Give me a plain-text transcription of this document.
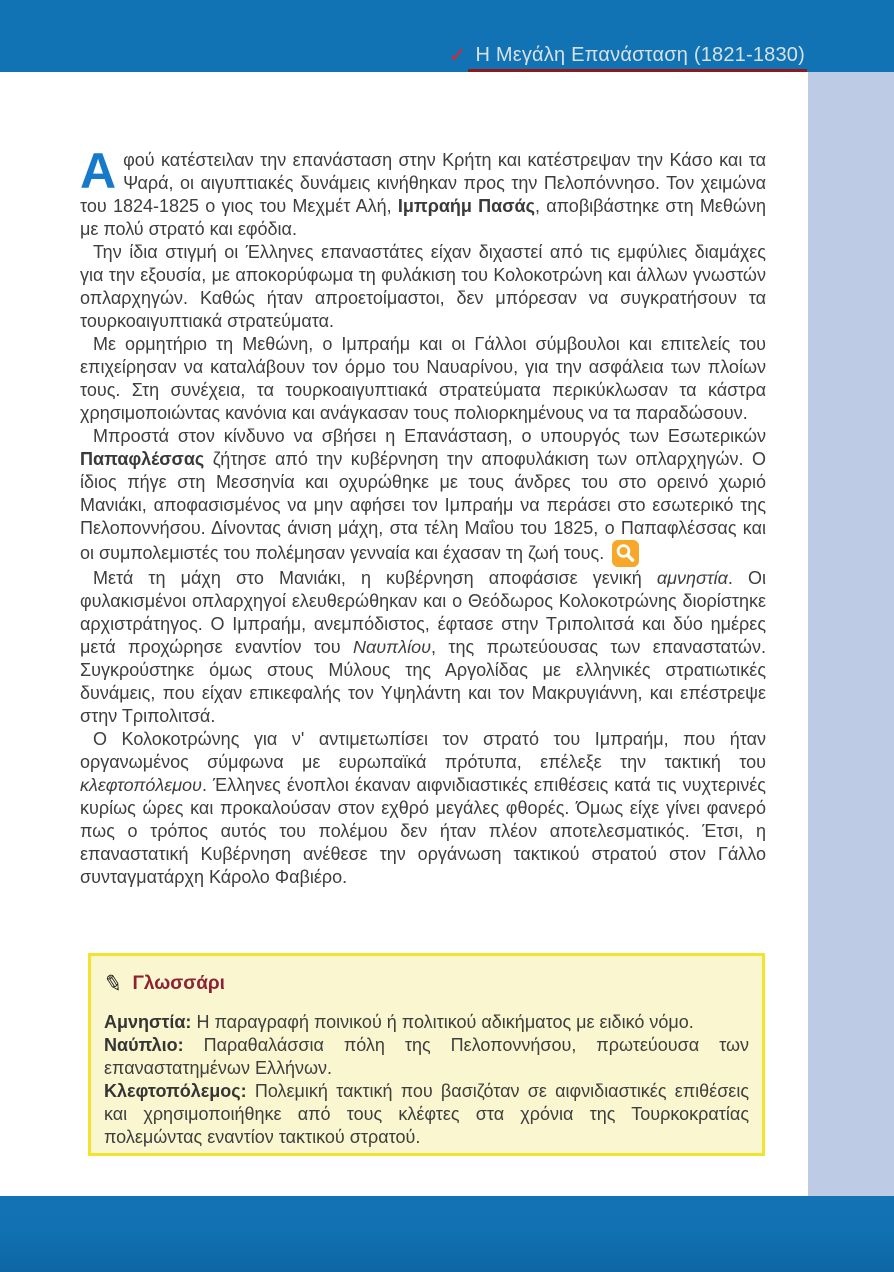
✓ Η Μεγάλη Επανάσταση (1821-1830)

Αφού κατέστειλαν την επανάσταση στην Κρήτη και κατέστρεψαν την Κάσο και τα Ψαρά, οι αιγυπτιακές δυνάμεις κινήθηκαν προς την Πελοπόννησο. Τον χειμώνα του 1824-1825 ο γιος του Μεχμέτ Αλή, Ιμπραήμ Πασάς, αποβιβάστηκε στη Μεθώνη με πολύ στρατό και εφόδια.

Την ίδια στιγμή οι Έλληνες επαναστάτες είχαν διχαστεί από τις εμφύλιες διαμάχες για την εξουσία, με αποκορύφωμα τη φυλάκιση του Κολοκοτρώνη και άλλων γνωστών οπλαρχηγών. Καθώς ήταν απροετοίμαστοι, δεν μπόρεσαν να συγκρατήσουν τα τουρκοαιγυπτιακά στρατεύματα.

Με ορμητήριο τη Μεθώνη, ο Ιμπραήμ και οι Γάλλοι σύμβουλοι και επιτελείς του επιχείρησαν να καταλάβουν τον όρμο του Ναυαρίνου, για την ασφάλεια των πλοίων τους. Στη συνέχεια, τα τουρκοαιγυπτιακά στρατεύματα περικύκλωσαν τα κάστρα χρησιμοποιώντας κανόνια και ανάγκασαν τους πολιορκημένους να τα παραδώσουν.

Μπροστά στον κίνδυνο να σβήσει η Επανάσταση, ο υπουργός των Εσωτερικών Παπαφλέσσας ζήτησε από την κυβέρνηση την αποφυλάκιση των οπλαρχηγών. Ο ίδιος πήγε στη Μεσσηνία και οχυρώθηκε με τους άνδρες του στο ορεινό χωριό Μανιάκι, αποφασισμένος να μην αφήσει τον Ιμπραήμ να περάσει στο εσωτερικό της Πελοποννήσου. Δίνοντας άνιση μάχη, στα τέλη Μαΐου του 1825, ο Παπαφλέσσας και οι συμπολεμιστές του πολέμησαν γενναία και έχασαν τη ζωή τους.

Μετά τη μάχη στο Μανιάκι, η κυβέρνηση αποφάσισε γενική αμνηστία. Οι φυλακισμένοι οπλαρχηγοί ελευθερώθηκαν και ο Θεόδωρος Κολοκοτρώνης διορίστηκε αρχιστράτηγος. Ο Ιμπραήμ, ανεμπόδιστος, έφτασε στην Τριπολιτσά και δύο ημέρες μετά προχώρησε εναντίον του Ναυπλίου, της πρωτεύουσας των επαναστατών. Συγκρούστηκε όμως στους Μύλους της Αργολίδας με ελληνικές στρατιωτικές δυνάμεις, που είχαν επικεφαλής τον Υψηλάντη και τον Μακρυγιάννη, και επέστρεψε στην Τριπολιτσά.

Ο Κολοκοτρώνης για ν' αντιμετωπίσει τον στρατό του Ιμπραήμ, που ήταν οργανωμένος σύμφωνα με ευρωπαϊκά πρότυπα, επέλεξε την τακτική του κλεφτοπόλεμου. Έλληνες ένοπλοι έκαναν αιφνιδιαστικές επιθέσεις κατά τις νυχτερινές κυρίως ώρες και προκαλούσαν στον εχθρό μεγάλες φθορές. Όμως είχε γίνει φανερό πως ο τρόπος αυτός του πολέμου δεν ήταν πλέον αποτελεσματικός. Έτσι, η επαναστατική Κυβέρνηση ανέθεσε την οργάνωση τακτικού στρατού στον Γάλλο συνταγματάρχη Κάρολο Φαβιέρο.

✎ Γλωσσάρι

Αμνηστία: Η παραγραφή ποινικού ή πολιτικού αδικήματος με ειδικό νόμο.

Ναύπλιο: Παραθαλάσσια πόλη της Πελοποννήσου, πρωτεύουσα των επαναστατημένων Ελλήνων.

Κλεφτοπόλεμος: Πολεμική τακτική που βασιζόταν σε αιφνιδιαστικές επιθέσεις και χρησιμοποιήθηκε από τους κλέφτες στα χρόνια της Τουρκοκρατίας πολεμώντας εναντίον τακτικού στρατού.
